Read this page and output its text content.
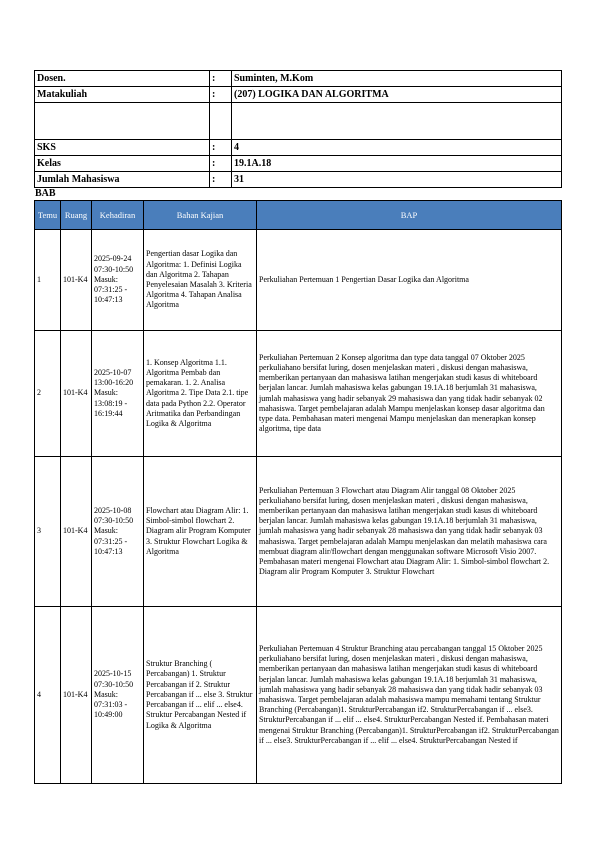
Dosen.	:	Suminten, M.Kom
Matakuliah	:	(207) LOGIKA DAN ALGORITMA

SKS	:	4
Kelas	:	19.1A.18
Jumlah Mahasiswa	:	31
BAB
Temu	Ruang	Kehadiran	Bahan Kajian	BAP
1	101-K4	2025-09-24 07:30-10:50 Masuk: 07:31:25 - 10:47:13	Pengertian dasar Logika dan Algoritma: 1. Definisi Logika dan Algoritma 2. Tahapan Penyelesaian Masalah 3. Kriteria Algoritma 4. Tahapan Analisa Algoritma	Perkuliahan Pertemuan 1 Pengertian Dasar Logika dan Algoritma
2	101-K4	2025-10-07 13:00-16:20 Masuk: 13:08:19 - 16:19:44	1. Konsep Algoritma 1.1. Algoritma Pembab dan pemakaran. 1. 2. Analisa Algoritma 2. Tipe Data 2.1. tipe data pada Python 2.2. Operator Aritmatika dan Perbandingan Logika & Algoritma	Perkuliahan Pertemuan 2 Konsep algoritma dan type data tanggal 07 Oktober 2025 perkuliahano bersifat luring, dosen menjelaskan materi , diskusi dengan mahasiswa, memberikan pertanyaan dan mahasiswa latihan mengerjakan studi kasus di whiteboard berjalan lancar. Jumlah mahasiswa kelas gabungan 19.1A.18 berjumlah 31 mahasiswa, jumlah mahasiswa yang hadir sebanyak 29 mahasiswa dan yang tidak hadir sebanyak 02 mahasiswa. Target pembelajaran adalah Mampu menjelaskan konsep dasar algoritma dan type data. Pembahasan materi mengenai Mampu menjelaskan dan menerapkan konsep algoritma, tipe data
3	101-K4	2025-10-08 07:30-10:50 Masuk: 07:31:25 - 10:47:13	Flowchart atau Diagram Alir: 1. Simbol-simbol flowchart 2. Diagram alir Program Komputer 3. Struktur Flowchart Logika & Algoritma	Perkuliahan Pertemuan 3 Flowchart atau Diagram Alir tanggal 08 Oktober 2025 perkuliahano bersifat luring, dosen menjelaskan materi , diskusi dengan mahasiswa, memberikan pertanyaan dan mahasiswa latihan mengerjakan studi kasus di whiteboard berjalan lancar. Jumlah mahasiswa kelas gabungan 19.1A.18 berjumlah 31 mahasiswa, jumlah mahasiswa yang hadir sebanyak 28 mahasiswa dan yang tidak hadir sebanyak 03 mahasiswa. Target pembelajaran adalah Mampu menjelaskan dan melatih mahasiswa cara membuat diagram alir/flowchart dengan menggunakan software Microsoft Visio 2007. Pembahasan materi mengenai Flowchart atau Diagram Alir: 1. Simbol-simbol flowchart 2. Diagram alir Program Komputer 3. Struktur Flowchart
4	101-K4	2025-10-15 07:30-10:50 Masuk: 07:31:03 - 10:49:00	Struktur Branching ( Percabangan) 1. Struktur Percabangan if 2. Struktur Percabangan if ... else 3. Struktur Percabangan if ... elif ... else4. Struktur Percabangan Nested if Logika & Algoritma	Perkuliahan Pertemuan 4 Struktur Branching atau percabangan tanggal 15 Oktober 2025 perkuliahano bersifat luring, dosen menjelaskan materi , diskusi dengan mahasiswa, memberikan pertanyaan dan mahasiswa latihan mengerjakan studi kasus di whiteboard berjalan lancar. Jumlah mahasiswa kelas gabungan 19.1A.18 berjumlah 31 mahasiswa, jumlah mahasiswa yang hadir sebanyak 28 mahasiswa dan yang tidak hadir sebanyak 03 mahasiswa. Target pembelajaran adalah mahasiswa mampu memahami tentang Struktur Branching (Percabangan)1. StrukturPercabangan if2. StrukturPercabangan if ... else3. StrukturPercabangan if ... elif ... else4. StrukturPercabangan Nested if. Pembahasan materi mengenai Struktur Branching (Percabangan)1. StrukturPercabangan if2. StrukturPercabangan if ... else3. StrukturPercabangan if ... elif ... else4. StrukturPercabangan Nested if
